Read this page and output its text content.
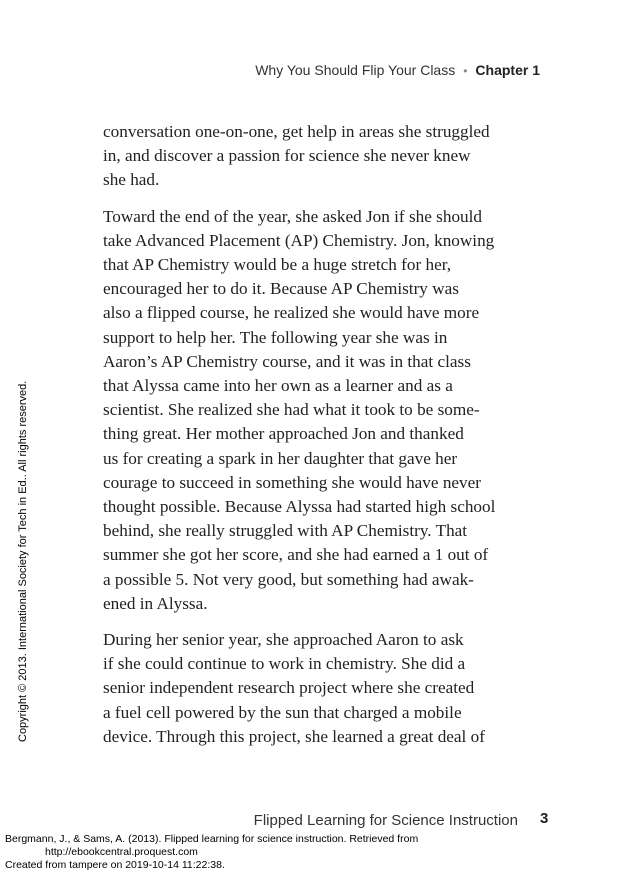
Why You Should Flip Your Class • Chapter 1
conversation one-on-one, get help in areas she struggled
in, and discover a passion for science she never knew
she had.
Toward the end of the year, she asked Jon if she should
take Advanced Placement (AP) Chemistry. Jon, knowing
that AP Chemistry would be a huge stretch for her,
encouraged her to do it. Because AP Chemistry was
also a flipped course, he realized she would have more
support to help her. The following year she was in
Aaron’s AP Chemistry course, and it was in that class
that Alyssa came into her own as a learner and as a
scientist. She realized she had what it took to be some-
thing great. Her mother approached Jon and thanked
us for creating a spark in her daughter that gave her
courage to succeed in something she would have never
thought possible. Because Alyssa had started high school
behind, she really struggled with AP Chemistry. That
summer she got her score, and she had earned a 1 out of
a possible 5. Not very good, but something had awak-
ened in Alyssa.
During her senior year, she approached Aaron to ask
if she could continue to work in chemistry. She did a
senior independent research project where she created
a fuel cell powered by the sun that charged a mobile
device. Through this project, she learned a great deal of
Copyright © 2013. International Society for Tech in Ed.. All rights reserved.
Flipped Learning for Science Instruction 3
Bergmann, J., & Sams, A. (2013). Flipped learning for science instruction. Retrieved from
http://ebookcentral.proquest.com
Created from tampere on 2019-10-14 11:22:38.
